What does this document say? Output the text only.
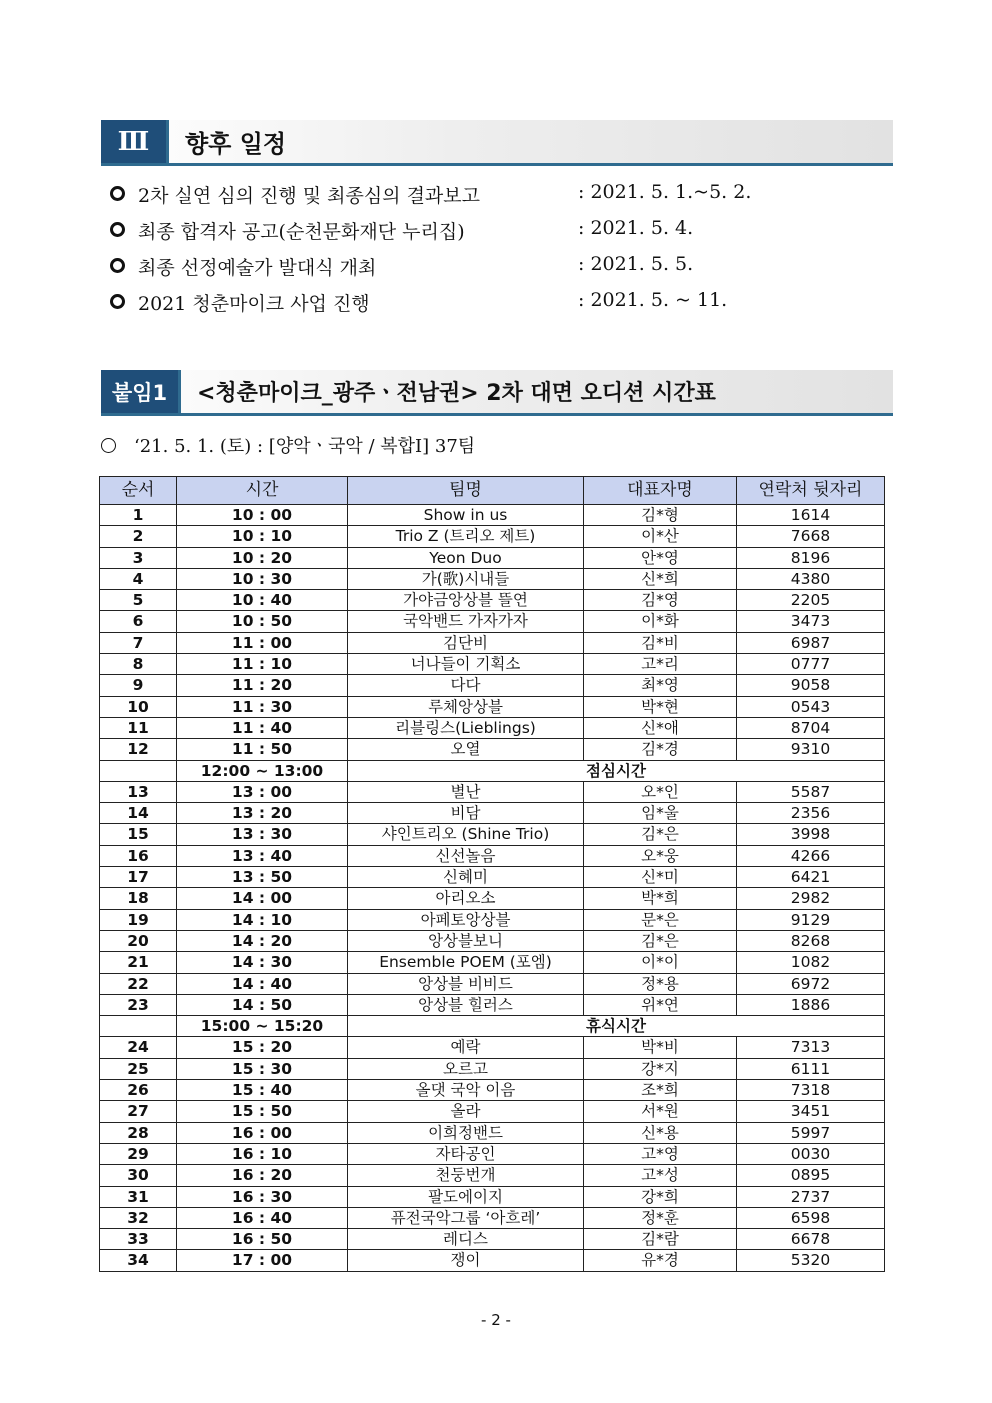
Ⅲ	향후 일정
2차 실연 심의 진행 및 최종심의 결과보고	: 2021. 5. 1.~5. 2.
최종 합격자 공고(순천문화재단 누리집)	: 2021. 5. 4.
최종 선정예술가 발대식 개최	: 2021. 5. 5.
2021 청춘마이크 사업 진행	: 2021. 5. ~ 11.
붙임1	<청춘마이크_광주ㆍ전남권> 2차 대면 오디션 시간표
‘21. 5. 1. (토) : [양악ㆍ국악 / 복합Ⅰ] 37팀
순서	시간	팀명	대표자명	연락처 뒷자리
1	10 : 00	Show in us	김*형	1614
2	10 : 10	Trio Z (트리오 제트)	이*산	7668
3	10 : 20	Yeon Duo	안*영	8196
4	10 : 30	가(歌)시내들	신*희	4380
5	10 : 40	가야금앙상블 뜰연	김*영	2205
6	10 : 50	국악밴드 가자가자	이*화	3473
7	11 : 00	김단비	김*비	6987
8	11 : 10	너나들이 기획소	고*리	0777
9	11 : 20	다다	최*영	9058
10	11 : 30	루체앙상블	박*현	0543
11	11 : 40	리블링스(Lieblings)	신*애	8704
12	11 : 50	오열	김*경	9310
	12:00 ~ 13:00	점심시간		
13	13 : 00	별난	오*인	5587
14	13 : 20	비담	임*울	2356
15	13 : 30	샤인트리오 (Shine Trio)	김*은	3998
16	13 : 40	신선놀음	오*웅	4266
17	13 : 50	신혜미	신*미	6421
18	14 : 00	아리오소	박*희	2982
19	14 : 10	아페토앙상블	문*은	9129
20	14 : 20	앙상블보니	김*은	8268
21	14 : 30	Ensemble POEM (포엠)	이*이	1082
22	14 : 40	앙상블 비비드	정*용	6972
23	14 : 50	앙상블 힐러스	위*연	1886
	15:00 ~ 15:20	휴식시간		
24	15 : 20	예락	박*비	7313
25	15 : 30	오르고	강*지	6111
26	15 : 40	올댓 국악 이음	조*희	7318
27	15 : 50	올라	서*원	3451
28	16 : 00	이희정밴드	신*용	5997
29	16 : 10	자타공인	고*영	0030
30	16 : 20	천둥번개	고*성	0895
31	16 : 30	팔도에이지	강*희	2737
32	16 : 40	퓨전국악그룹 ‘아흐레’	정*훈	6598
33	16 : 50	레디스	김*람	6678
34	17 : 00	쟁이	유*경	5320
- 2 -
